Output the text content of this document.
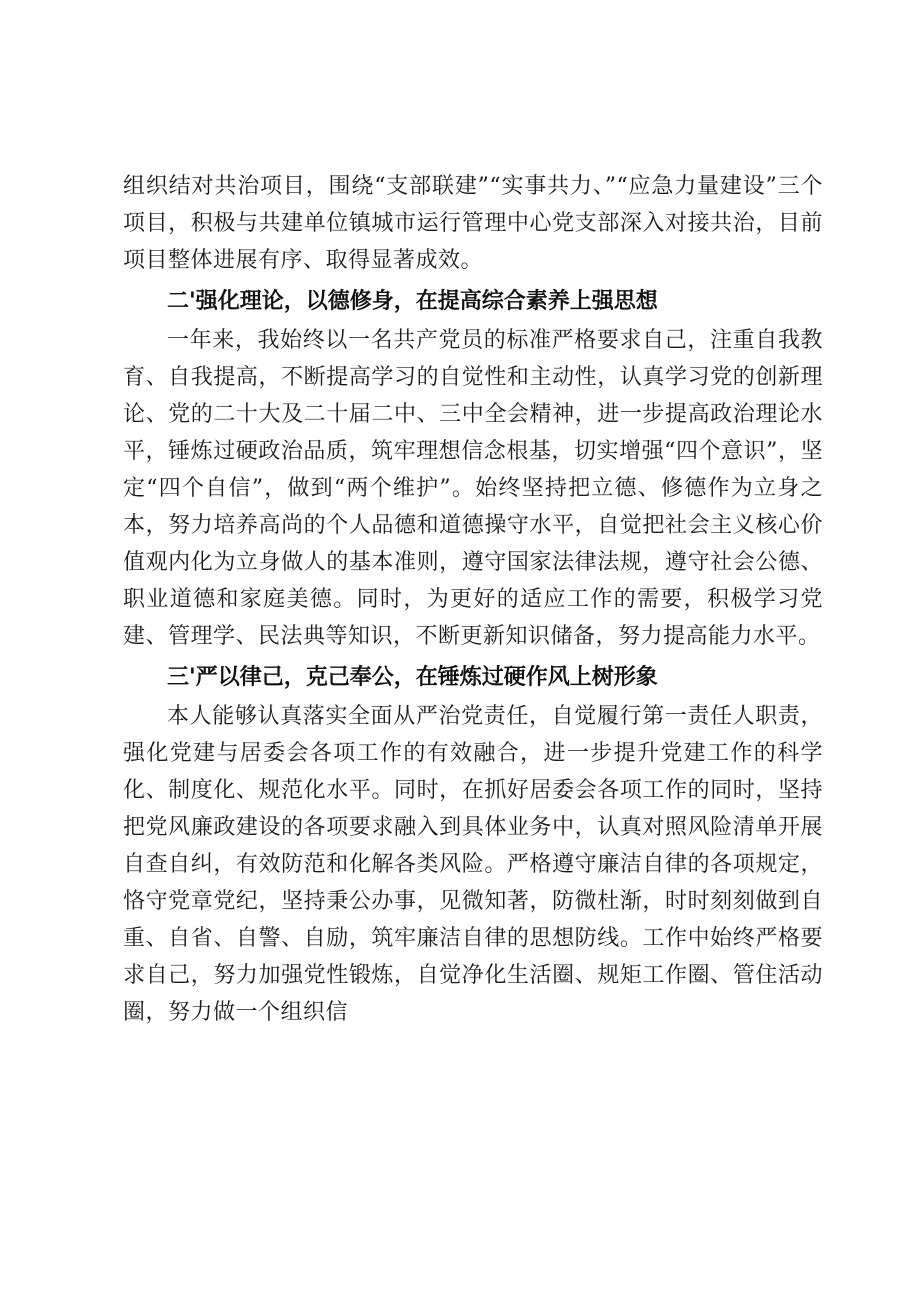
组织结对共治项目，围绕“支部联建”“实事共力、”“应急力量建设”三个项目，积极与共建单位镇城市运行管理中心党支部深入对接共治，目前项目整体进展有序、取得显著成效。

二'强化理论，以德修身，在提高综合素养上强思想

一年来，我始终以一名共产党员的标准严格要求自己，注重自我教育、自我提高，不断提高学习的自觉性和主动性，认真学习党的创新理论、党的二十大及二十届二中、三中全会精神，进一步提高政治理论水平，锤炼过硬政治品质，筑牢理想信念根基，切实增强“四个意识”，坚定“四个自信”，做到“两个维护”。始终坚持把立德、修德作为立身之本，努力培养高尚的个人品德和道德操守水平，自觉把社会主义核心价值观内化为立身做人的基本准则，遵守国家法律法规，遵守社会公德、职业道德和家庭美德。同时，为更好的适应工作的需要，积极学习党建、管理学、民法典等知识，不断更新知识储备，努力提高能力水平。

三'严以律己，克己奉公，在锤炼过硬作风上树形象

本人能够认真落实全面从严治党责任，自觉履行第一责任人职责，强化党建与居委会各项工作的有效融合，进一步提升党建工作的科学化、制度化、规范化水平。同时，在抓好居委会各项工作的同时，坚持把党风廉政建设的各项要求融入到具体业务中，认真对照风险清单开展自查自纠，有效防范和化解各类风险。严格遵守廉洁自律的各项规定，恪守党章党纪，坚持秉公办事，见微知著，防微杜渐，时时刻刻做到自重、自省、自警、自励，筑牢廉洁自律的思想防线。工作中始终严格要求自己，努力加强党性锻炼，自觉净化生活圈、规矩工作圈、管住活动圈，努力做一个组织信
